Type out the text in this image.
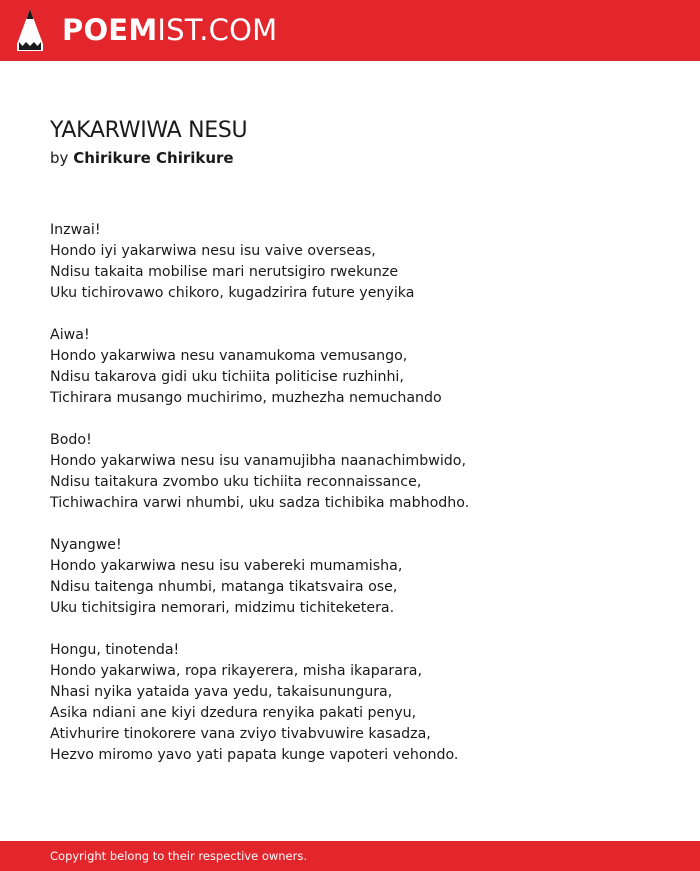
POEMIST.COM
YAKARWIWA NESU
by Chirikure Chirikure
Inzwai!
Hondo iyi yakarwiwa nesu isu vaive overseas,
Ndisu takaita mobilise mari nerutsigiro rwekunze
Uku tichirovawo chikoro, kugadzirira future yenyika
Aiwa!
Hondo yakarwiwa nesu vanamukoma vemusango,
Ndisu takarova gidi uku tichiita politicise ruzhinhi,
Tichirara musango muchirimo, muzhezha nemuchando
Bodo!
Hondo yakarwiwa nesu isu vanamujibha naanachimbwido,
Ndisu taitakura zvombo uku tichiita reconnaissance,
Tichiwachira varwi nhumbi, uku sadza tichibika mabhodho.
Nyangwe!
Hondo yakarwiwa nesu isu vabereki mumamisha,
Ndisu taitenga nhumbi, matanga tikatsvaira ose,
Uku tichitsigira nemorari, midzimu tichiteketera.
Hongu, tinotenda!
Hondo yakarwiwa, ropa rikayerera, misha ikaparara,
Nhasi nyika yataida yava yedu, takaisunungura,
Asika ndiani ane kiyi dzedura renyika pakati penyu,
Ativhurire tinokorere vana zviyo tivabvuwire kasadza,
Hezvo miromo yavo yati papata kunge vapoteri vehondo.
Copyright belong to their respective owners.
